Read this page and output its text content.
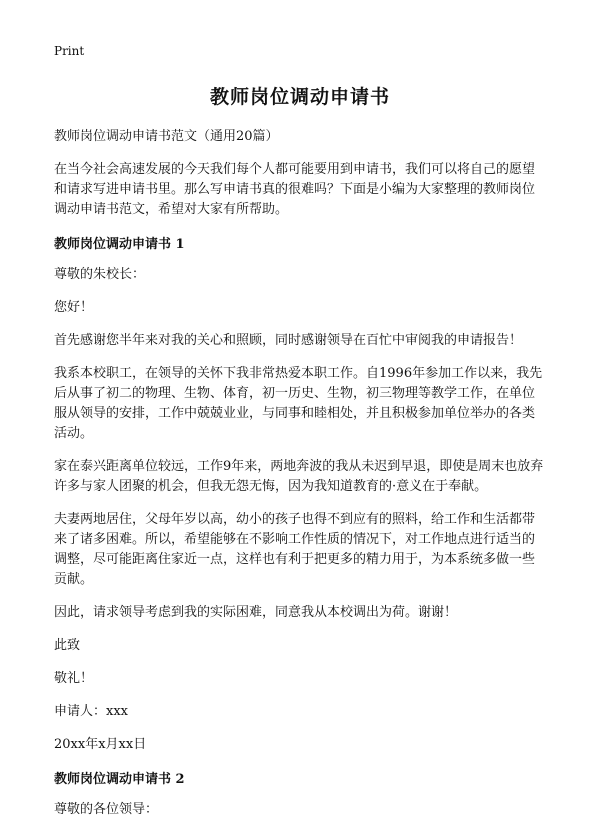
Print
教师岗位调动申请书

教师岗位调动申请书范文（通用20篇）

在当今社会高速发展的今天我们每个人都可能要用到申请书，我们可以将自己的愿望和请求写进申请书里。那么写申请书真的很难吗？下面是小编为大家整理的教师岗位调动申请书范文，希望对大家有所帮助。

教师岗位调动申请书 1

尊敬的朱校长：

您好！

首先感谢您半年来对我的关心和照顾，同时感谢领导在百忙中审阅我的申请报告！

我系本校职工，在领导的关怀下我非常热爱本职工作。自1996年参加工作以来，我先后从事了初二的物理、生物、体育，初一历史、生物，初三物理等教学工作，在单位服从领导的安排，工作中兢兢业业，与同事和睦相处，并且积极参加单位举办的各类活动。

家在泰兴距离单位较远，工作9年来，两地奔波的我从未迟到早退，即使是周末也放弃许多与家人团聚的机会，但我无怨无悔，因为我知道教育的·意义在于奉献。

夫妻两地居住，父母年岁以高，幼小的孩子也得不到应有的照料，给工作和生活都带来了诸多困难。所以，希望能够在不影响工作性质的情况下，对工作地点进行适当的调整，尽可能距离住家近一点，这样也有利于把更多的精力用于，为本系统多做一些贡献。

因此，请求领导考虑到我的实际困难，同意我从本校调出为荷。谢谢！

此致

敬礼！

申请人：xxx

20xx年x月xx日

教师岗位调动申请书 2

尊敬的各位领导：
